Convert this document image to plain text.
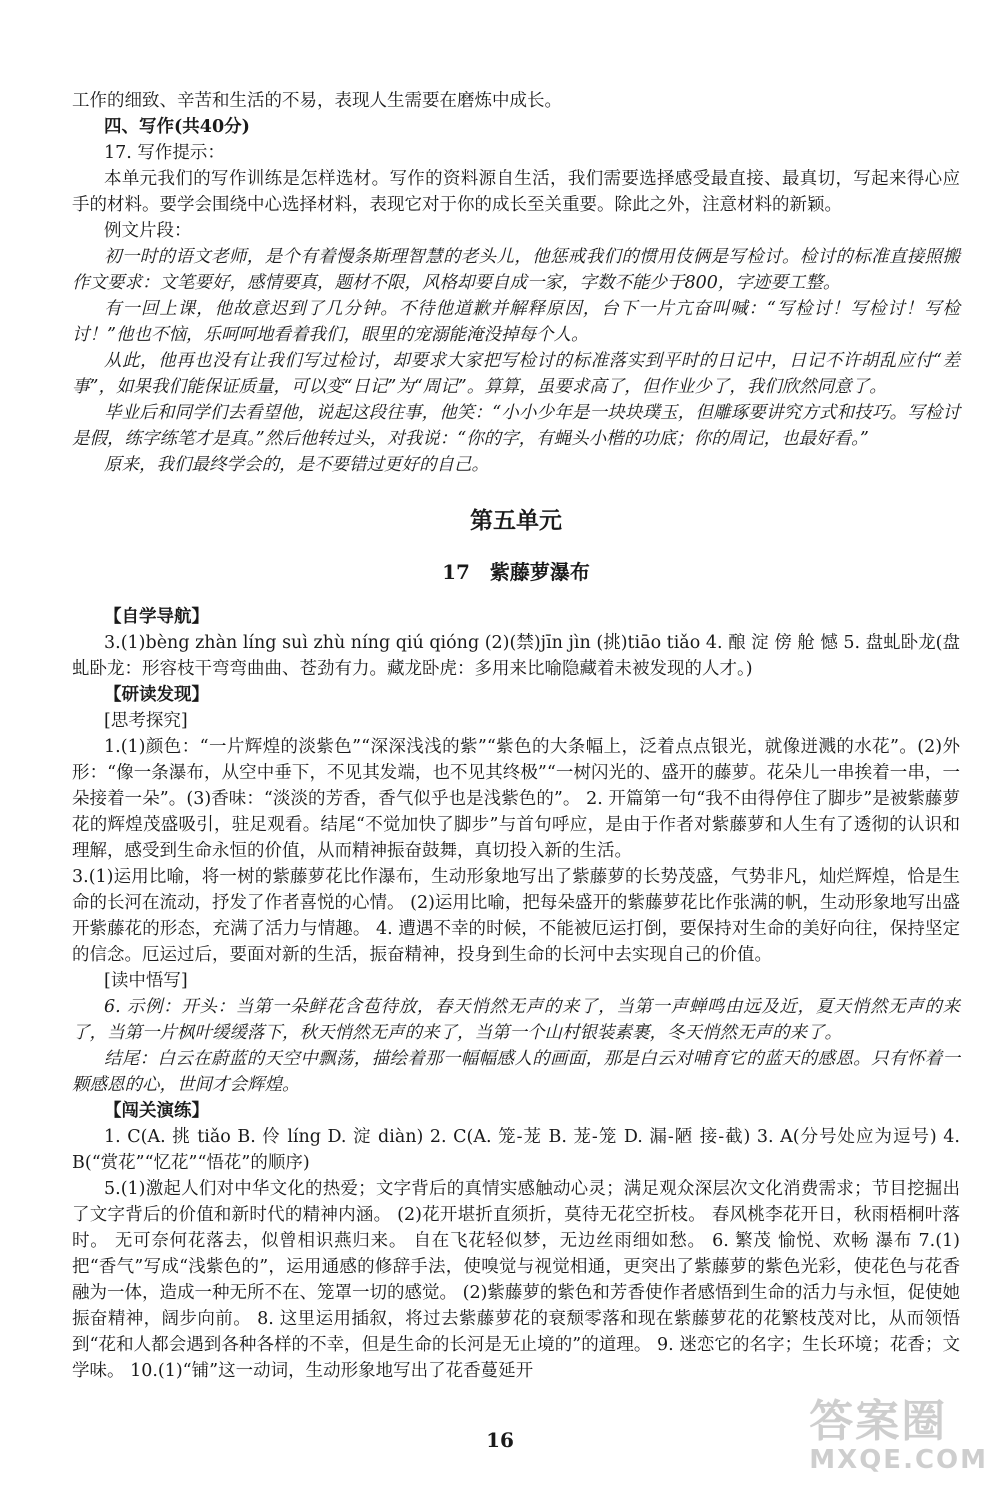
工作的细致、辛苦和生活的不易，表现人生需要在磨炼中成长。

四、写作(共40分)

17. 写作提示：

本单元我们的写作训练是怎样选材。写作的资料源自生活，我们需要选择感受最直接、最真切，写起来得心应手的材料。要学会围绕中心选择材料，表现它对于你的成长至关重要。除此之外，注意材料的新颖。

例文片段：

初一时的语文老师，是个有着慢条斯理智慧的老头儿，他惩戒我们的惯用伎俩是写检讨。检讨的标准直接照搬作文要求：文笔要好，感情要真，题材不限，风格却要自成一家，字数不能少于800，字迹要工整。

有一回上课，他故意迟到了几分钟。不待他道歉并解释原因，台下一片亢奋叫喊：“写检讨！写检讨！写检讨！”他也不恼，乐呵呵地看着我们，眼里的宠溺能淹没掉每个人。

从此，他再也没有让我们写过检讨，却要求大家把写检讨的标准落实到平时的日记中，日记不许胡乱应付“差事”，如果我们能保证质量，可以变“日记”为“周记”。算算，虽要求高了，但作业少了，我们欣然同意了。

毕业后和同学们去看望他，说起这段往事，他笑：“小小少年是一块块璞玉，但雕琢要讲究方式和技巧。写检讨是假，练字练笔才是真。”然后他转过头，对我说：“你的字，有蝇头小楷的功底；你的周记，也最好看。”

原来，我们最终学会的，是不要错过更好的自己。

第五单元
17　紫藤萝瀑布
【自学导航】

3.(1)bèng zhàn líng suì zhù níng qiú qióng (2)(禁)jīn jìn (挑)tiāo tiǎo 4. 酿 淀 傍 舱 憾 5. 盘虬卧龙(盘虬卧龙：形容枝干弯弯曲曲、苍劲有力。藏龙卧虎：多用来比喻隐藏着未被发现的人才。)

【研读发现】
[思考探究]

1.(1)颜色：“一片辉煌的淡紫色”“深深浅浅的紫”“紫色的大条幅上，泛着点点银光，就像迸溅的水花”。(2)外形：“像一条瀑布，从空中垂下，不见其发端，也不见其终极”“一树闪光的、盛开的藤萝。花朵儿一串挨着一串，一朵接着一朵”。(3)香味：“淡淡的芳香，香气似乎也是浅紫色的”。 2. 开篇第一句“我不由得停住了脚步”是被紫藤萝花的辉煌茂盛吸引，驻足观看。结尾“不觉加快了脚步”与首句呼应，是由于作者对紫藤萝和人生有了透彻的认识和理解，感受到生命永恒的价值，从而精神振奋鼓舞，真切投入新的生活。

3.(1)运用比喻，将一树的紫藤萝花比作瀑布，生动形象地写出了紫藤萝的长势茂盛，气势非凡，灿烂辉煌，恰是生命的长河在流动，抒发了作者喜悦的心情。 (2)运用比喻，把每朵盛开的紫藤萝花比作张满的帆，生动形象地写出盛开紫藤花的形态，充满了活力与情趣。 4. 遭遇不幸的时候，不能被厄运打倒，要保持对生命的美好向往，保持坚定的信念。厄运过后，要面对新的生活，振奋精神，投身到生命的长河中去实现自己的价值。

[读中悟写]

6. 示例：开头：当第一朵鲜花含苞待放，春天悄然无声的来了，当第一声蝉鸣由远及近，夏天悄然无声的来了，当第一片枫叶缓缓落下，秋天悄然无声的来了，当第一个山村银装素裹，冬天悄然无声的来了。

结尾：白云在蔚蓝的天空中飘荡，描绘着那一幅幅感人的画面，那是白云对哺育它的蓝天的感恩。只有怀着一颗感恩的心，世间才会辉煌。

【闯关演练】

1. C(A. 挑 tiǎo B. 伶 líng D. 淀 diàn) 2. C(A. 笼-茏 B. 茏-笼 D. 漏-陋 接-截) 3. A(分号处应为逗号) 4. B(“赏花”“忆花”“悟花”的顺序)

5.(1)激起人们对中华文化的热爱；文字背后的真情实感触动心灵；满足观众深层次文化消费需求；节目挖掘出了文字背后的价值和新时代的精神内涵。 (2)花开堪折直须折，莫待无花空折枝。 春风桃李花开日，秋雨梧桐叶落时。 无可奈何花落去，似曾相识燕归来。 自在飞花轻似梦，无边丝雨细如愁。 6. 繁茂 愉悦、欢畅 瀑布 7.(1)把“香气”写成“浅紫色的”，运用通感的修辞手法，使嗅觉与视觉相通，更突出了紫藤萝的紫色光彩，使花色与花香融为一体，造成一种无所不在、笼罩一切的感觉。 (2)紫藤萝的紫色和芳香使作者感悟到生命的活力与永恒，促使她振奋精神，阔步向前。 8. 这里运用插叙，将过去紫藤萝花的衰颓零落和现在紫藤萝花的花繁枝茂对比，从而领悟到“花和人都会遇到各种各样的不幸，但是生命的长河是无止境的”的道理。 9. 迷恋它的名字；生长环境；花香；文学味。 10.(1)“铺”这一动词，生动形象地写出了花香蔓延开

16	答案圈
MXQE.COM
